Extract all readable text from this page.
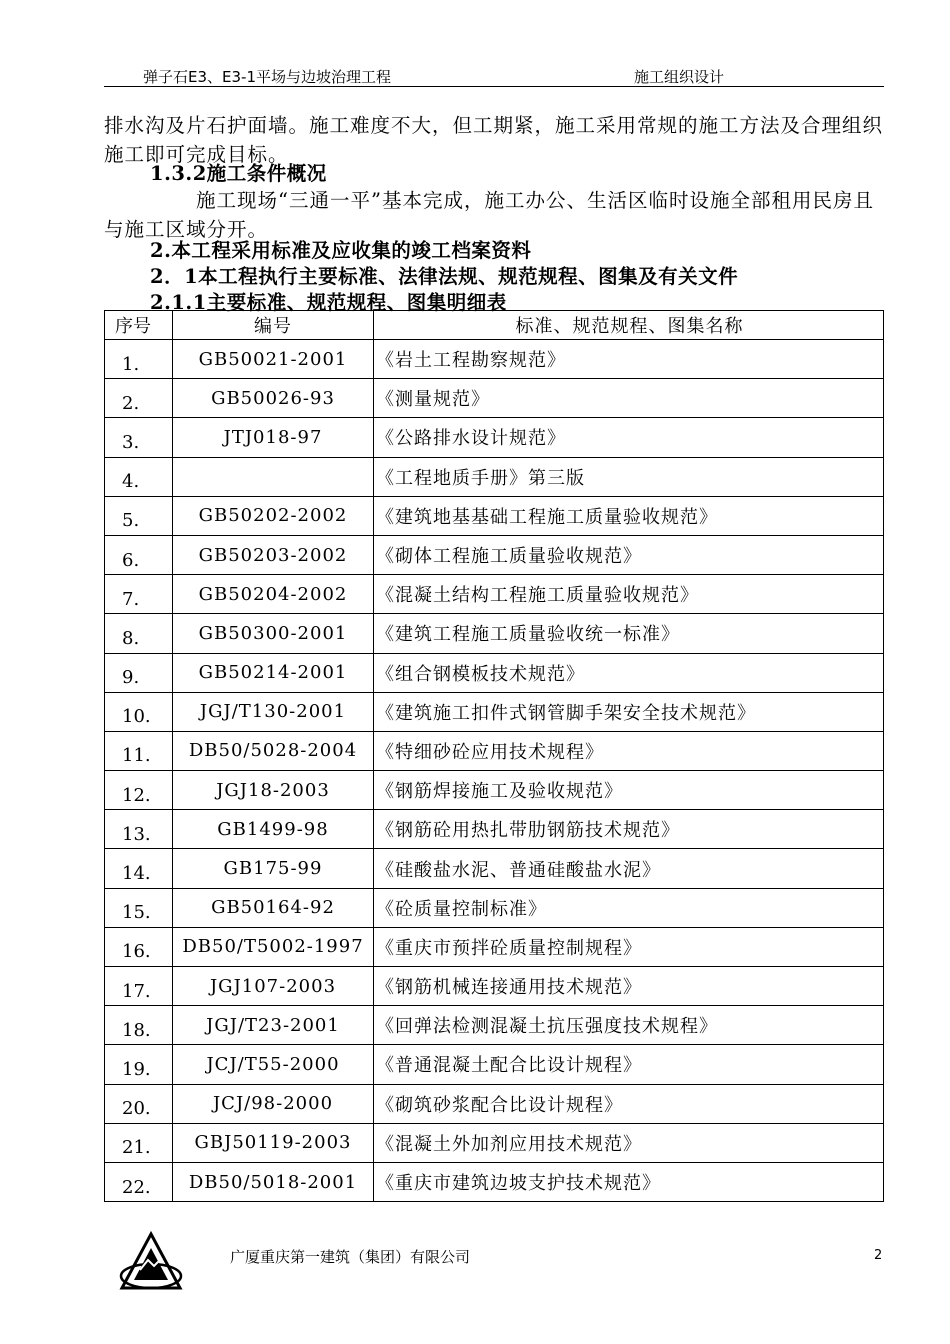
弹子石E3、E3-1平场与边坡治理工程	施工组织设计
排水沟及片石护面墙。施工难度不大，但工期紧，施工采用常规的施工方法及合理组织施工即可完成目标。
1.3.2施工条件概况
施工现场“三通一平”基本完成，施工办公、生活区临时设施全部租用民房且与施工区域分开。
2.本工程采用标准及应收集的竣工档案资料
2．1本工程执行主要标准、法律法规、规范规程、图集及有关文件
2.1.1主要标准、规范规程、图集明细表
序号	编号	标准、规范规程、图集名称
1.	GB50021-2001	《岩土工程勘察规范》
2.	GB50026-93	《测量规范》
3.	JTJ018-97	《公路排水设计规范》
4.		《工程地质手册》第三版
5.	GB50202-2002	《建筑地基基础工程施工质量验收规范》
6.	GB50203-2002	《砌体工程施工质量验收规范》
7.	GB50204-2002	《混凝土结构工程施工质量验收规范》
8.	GB50300-2001	《建筑工程施工质量验收统一标准》
9.	GB50214-2001	《组合钢模板技术规范》
10.	JGJ/T130-2001	《建筑施工扣件式钢管脚手架安全技术规范》
11.	DB50/5028-2004	《特细砂砼应用技术规程》
12.	JGJ18-2003	《钢筋焊接施工及验收规范》
13.	GB1499-98	《钢筋砼用热扎带肋钢筋技术规范》
14.	GB175-99	《硅酸盐水泥、普通硅酸盐水泥》
15.	GB50164-92	《砼质量控制标准》
16.	DB50/T5002-1997	《重庆市预拌砼质量控制规程》
17.	JGJ107-2003	《钢筋机械连接通用技术规范》
18.	JGJ/T23-2001	《回弹法检测混凝土抗压强度技术规程》
19.	JCJ/T55-2000	《普通混凝土配合比设计规程》
20.	JCJ/98-2000	《砌筑砂浆配合比设计规程》
21.	GBJ50119-2003	《混凝土外加剂应用技术规范》
22.	DB50/5018-2001	《重庆市建筑边坡支护技术规范》
广厦重庆第一建筑（集团）有限公司	2
